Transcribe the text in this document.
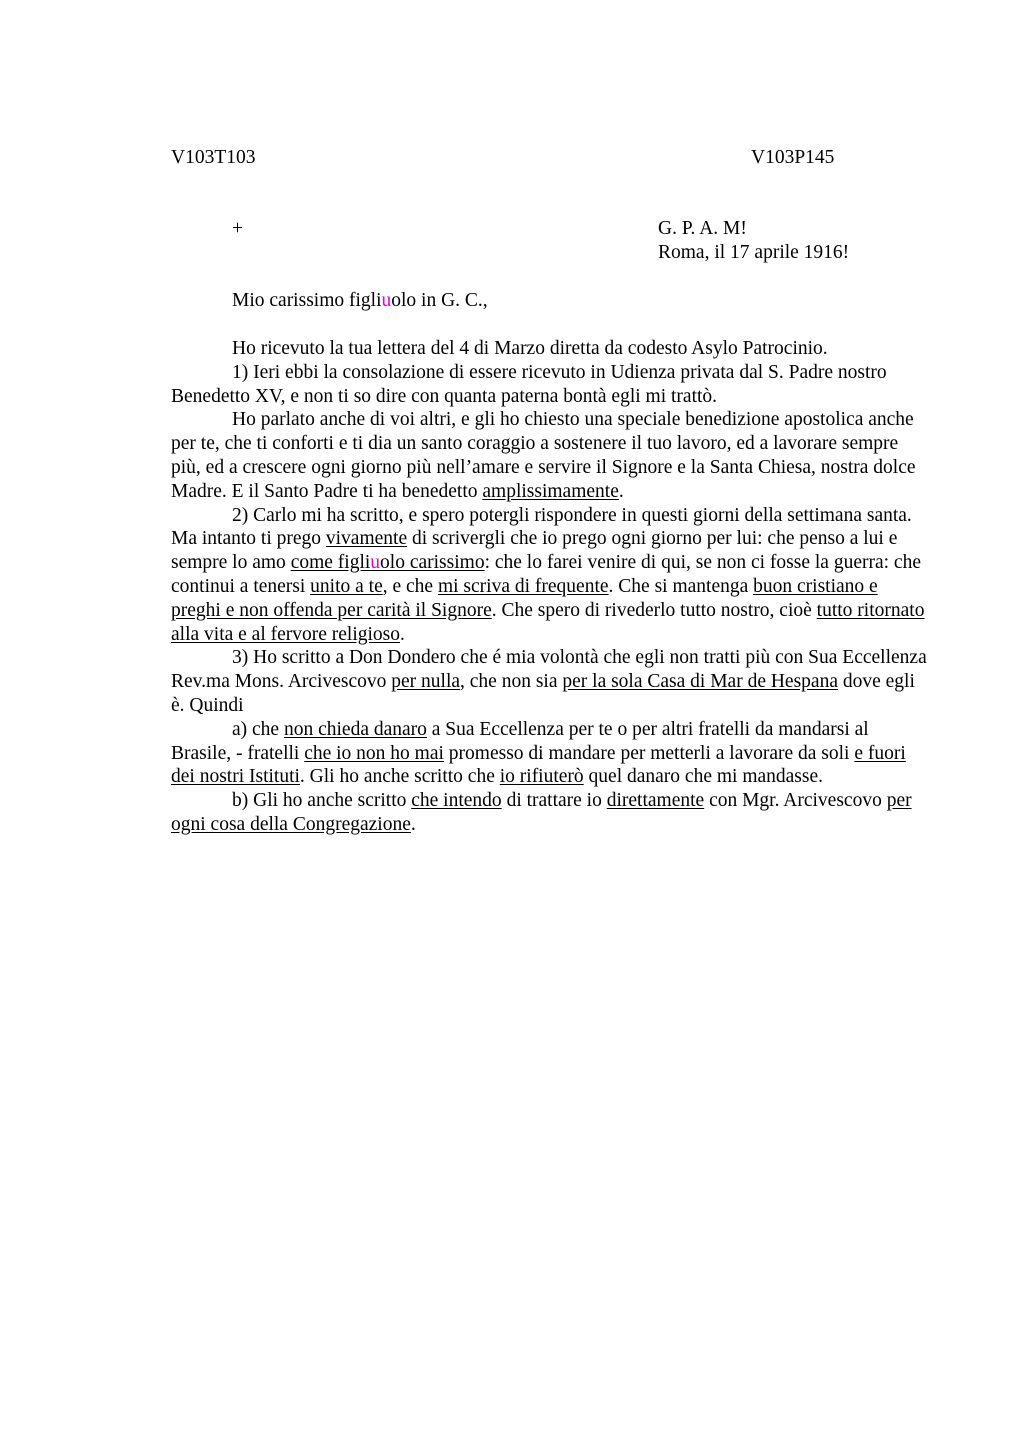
V103T103	V103P145
+	G. P. A. M!
Roma, il 17 aprile 1916!
Mio carissimo figliuolo in G. C.,

Ho ricevuto la tua lettera del 4 di Marzo diretta da codesto Asylo Patrocinio.

1) Ieri ebbi la consolazione di essere ricevuto in Udienza privata dal S. Padre nostro Benedetto XV, e non ti so dire con quanta paterna bontà egli mi trattò.

Ho parlato anche di voi altri, e gli ho chiesto una speciale benedizione apostolica anche per te, che ti conforti e ti dia un santo coraggio a sostenere il tuo lavoro, ed a lavorare sempre più, ed a crescere ogni giorno più nell’amare e servire il Signore e la Santa Chiesa, nostra dolce Madre. E il Santo Padre ti ha benedetto amplissimamente.

2) Carlo mi ha scritto, e spero potergli rispondere in questi giorni della settimana santa. Ma intanto ti prego vivamente di scrivergli che io prego ogni giorno per lui: che penso a lui e sempre lo amo come figliuolo carissimo: che lo farei venire di qui, se non ci fosse la guerra: che continui a tenersi unito a te, e che mi scriva di frequente. Che si mantenga buon cristiano e preghi e non offenda per carità il Signore. Che spero di rivederlo tutto nostro, cioè tutto ritornato alla vita e al fervore religioso.

3) Ho scritto a Don Dondero che é mia volontà che egli non tratti più con Sua Eccellenza Rev.ma Mons. Arcivescovo per nulla, che non sia per la sola Casa di Mar de Hespana dove egli è. Quindi

a) che non chieda danaro a Sua Eccellenza per te o per altri fratelli da mandarsi al Brasile, - fratelli che io non ho mai promesso di mandare per metterli a lavorare da soli e fuori dei nostri Istituti. Gli ho anche scritto che io rifiuterò quel danaro che mi mandasse.

b) Gli ho anche scritto che intendo di trattare io direttamente con Mgr. Arcivescovo per ogni cosa della Congregazione.
